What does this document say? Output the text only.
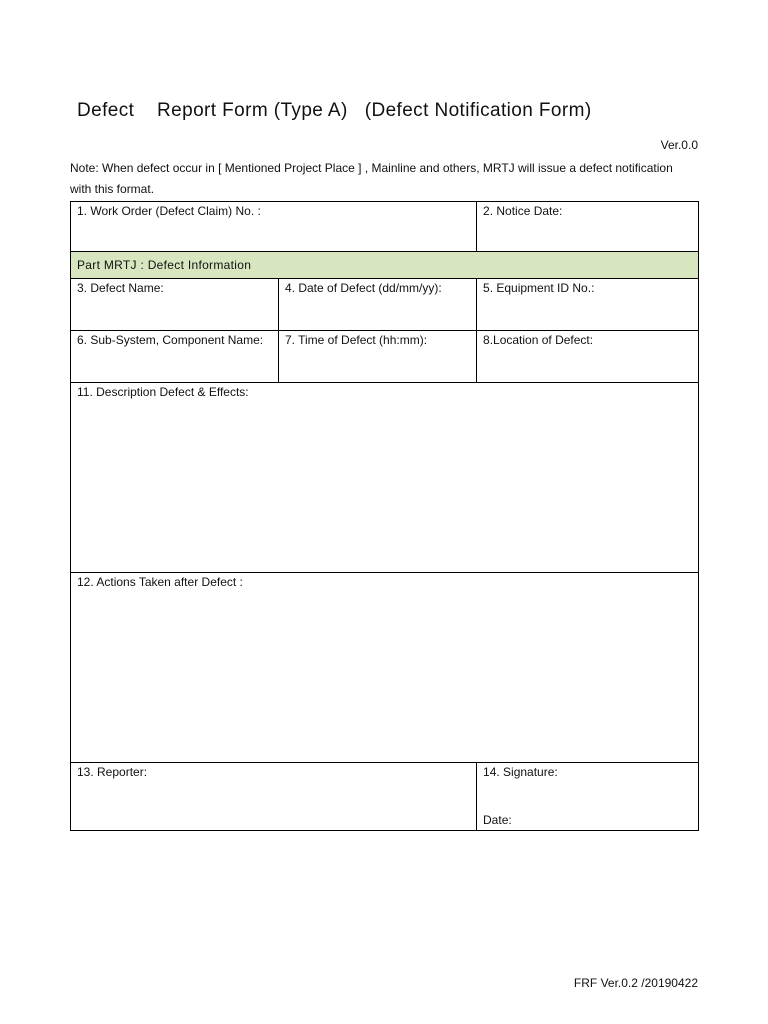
Defect    Report Form (Type A)   (Defect Notification Form)
Ver.0.0
Note: When defect occur in [ Mentioned Project Place ] , Mainline and others, MRTJ will issue a defect notification with this format.
1. Work Order (Defect Claim) No. :		2. Notice Date:

Part MRTJ : Defect Information		

3. Defect Name:	4. Date of Defect (dd/mm/yy):	5. Equipment ID No.:

6. Sub-System, Component Name:	7. Time of Defect (hh:mm):	8.Location of Defect:

11. Description Defect & Effects:		

12. Actions Taken after Defect :		

13. Reporter:		14. Signature:
Date:
FRF Ver.0.2 /20190422
